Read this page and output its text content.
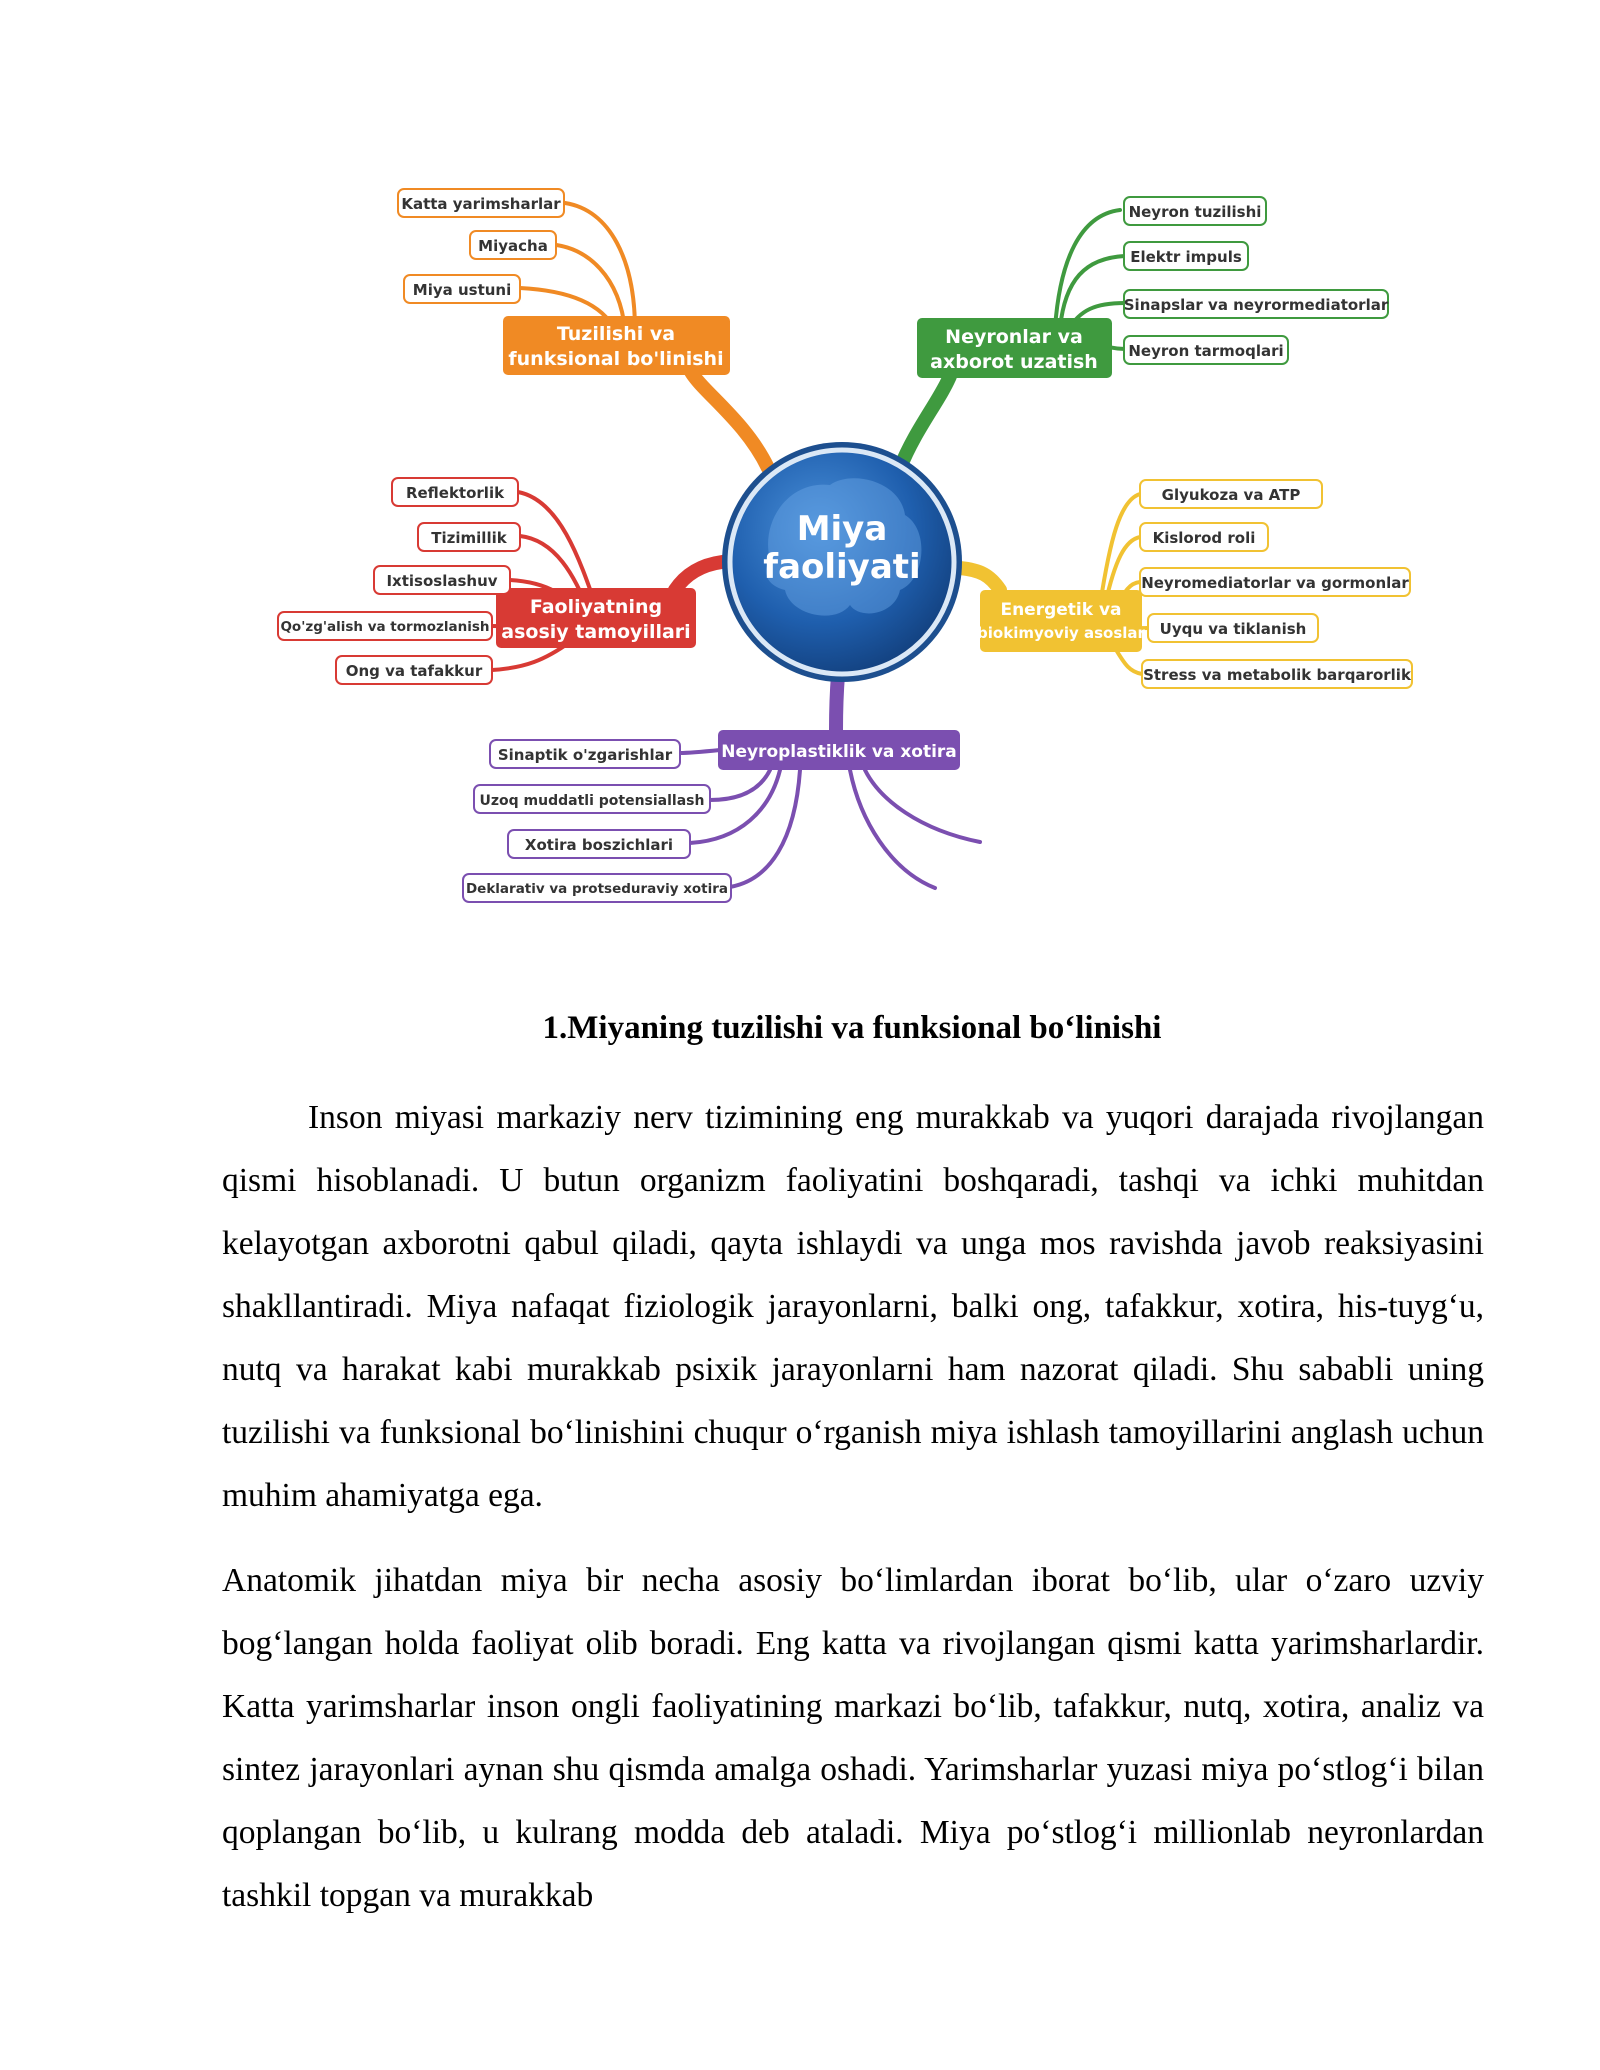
Miya
faoliyati
Tuzilishi va
funksional bo'linishi
Katta yarimsharlar
Miyacha
Miya ustuni
Neyronlar va
axborot uzatish
Neyron tuzilishi
Elektr impuls
Sinapslar va neyrormediatorlar
Neyron tarmoqlari
Faoliyatning
asosiy tamoyillari
Reflektorlik
Tizimillik
Ixtisoslashuv
Qo'zg'alish va tormozlanish
Ong va tafakkur
Energetik va
biokimyoviy asoslar
Glyukoza va ATP
Kislorod roli
Neyromediatorlar va gormonlar
Uyqu va tiklanish
Stress va metabolik barqarorlik
Neyroplastiklik va xotira
Sinaptik o'zgarishlar
Uzoq muddatli potensiallash
Xotira boszichlari
Deklarativ va protseduraviy xotira
1.Miyaning tuzilishi va funksional bo‘linishi

Inson miyasi markaziy nerv tizimining eng murakkab va yuqori darajada rivojlangan qismi hisoblanadi. U butun organizm faoliyatini boshqaradi, tashqi va ichki muhitdan kelayotgan axborotni qabul qiladi, qayta ishlaydi va unga mos ravishda javob reaksiyasini shakllantiradi. Miya nafaqat fiziologik jarayonlarni, balki ong, tafakkur, xotira, his-tuyg‘u, nutq va harakat kabi murakkab psixik jarayonlarni ham nazorat qiladi. Shu sababli uning tuzilishi va funksional bo‘linishini chuqur o‘rganish miya ishlash tamoyillarini anglash uchun muhim ahamiyatga ega.

Anatomik jihatdan miya bir necha asosiy bo‘limlardan iborat bo‘lib, ular o‘zaro uzviy bog‘langan holda faoliyat olib boradi. Eng katta va rivojlangan qismi katta yarimsharlardir. Katta yarimsharlar inson ongli faoliyatining markazi bo‘lib, tafakkur, nutq, xotira, analiz va sintez jarayonlari aynan shu qismda amalga oshadi. Yarimsharlar yuzasi miya po‘stlog‘i bilan qoplangan bo‘lib, u kulrang modda deb ataladi. Miya po‘stlog‘i millionlab neyronlardan tashkil topgan va murakkab
